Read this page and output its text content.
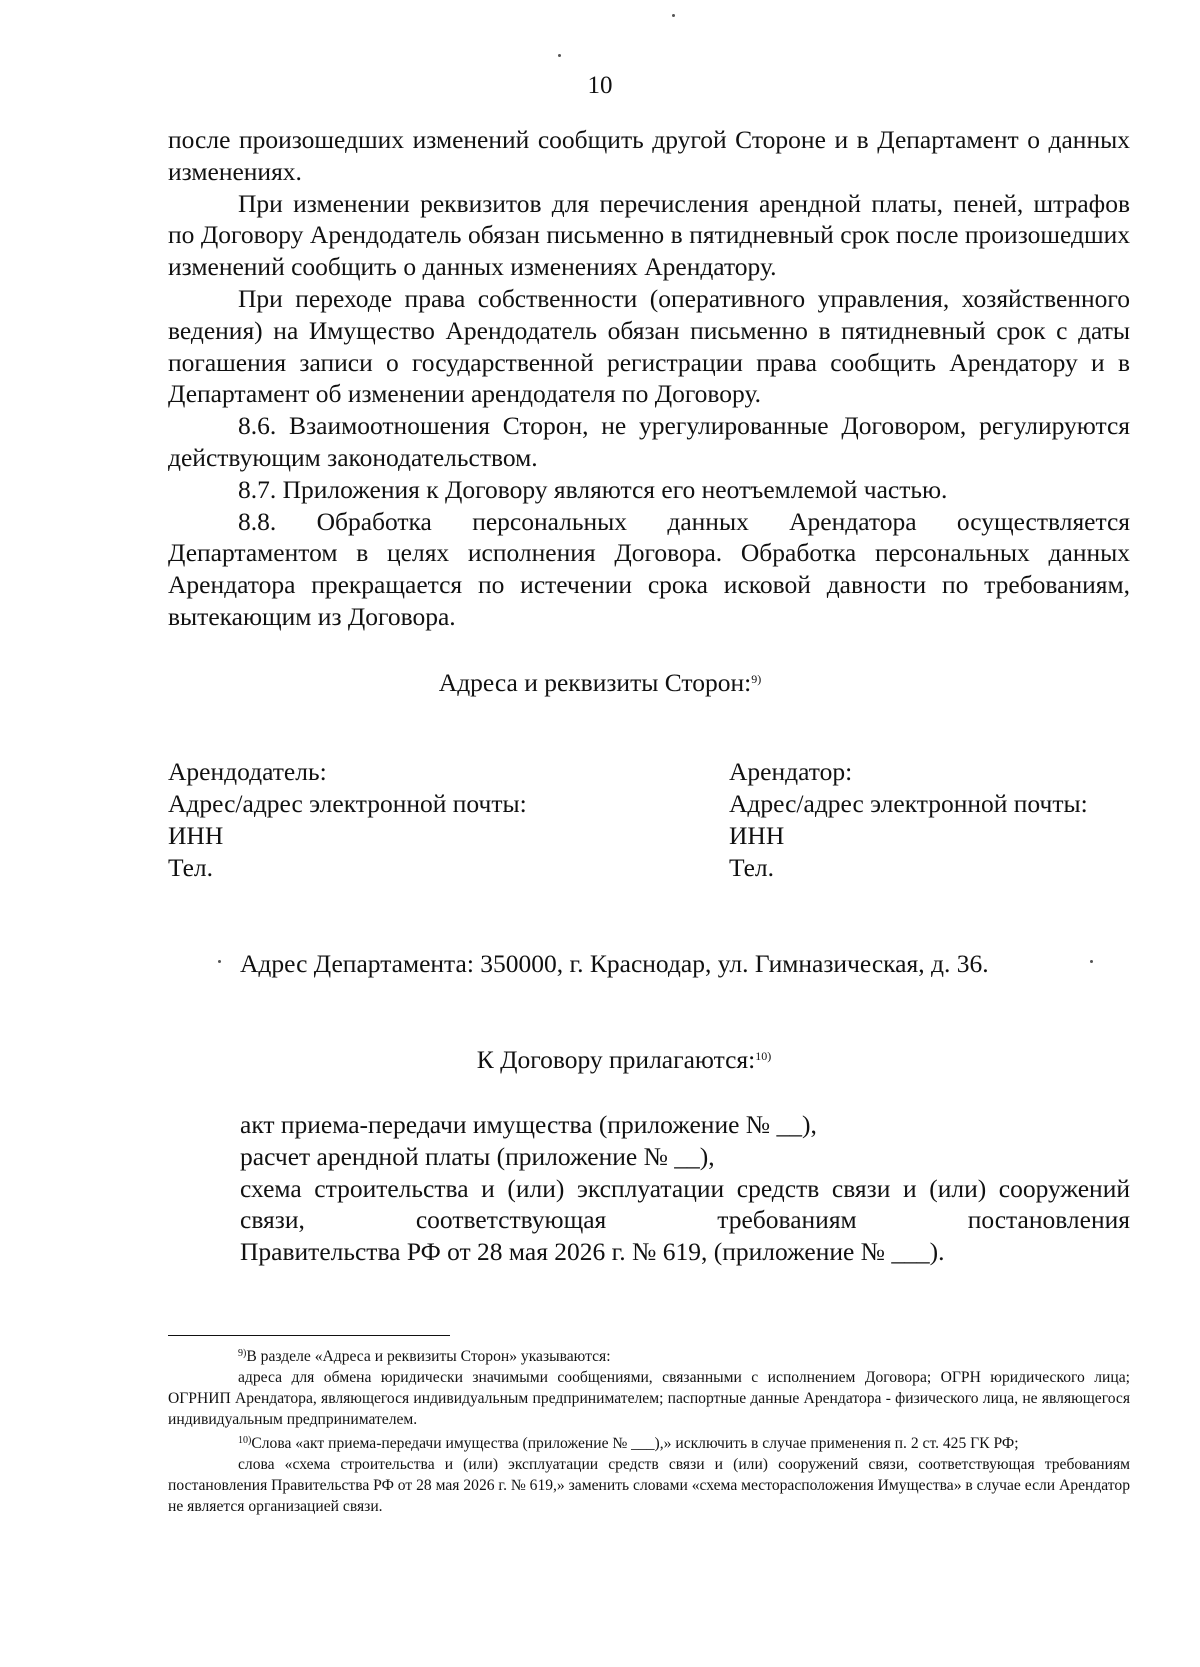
10

после произошедших изменений сообщить другой Стороне и в Департамент о данных изменениях.

При изменении реквизитов для перечисления арендной платы, пеней, штрафов по Договору Арендодатель обязан письменно в пятидневный срок после произошедших изменений сообщить о данных изменениях Арендатору.

При переходе права собственности (оперативного управления, хозяйственного ведения) на Имущество Арендодатель обязан письменно в пятидневный срок с даты погашения записи о государственной регистрации права сообщить Арендатору и в Департамент об изменении арендодателя по Договору.

8.6. Взаимоотношения Сторон, не урегулированные Договором, регулируются действующим законодательством.

8.7. Приложения к Договору являются его неотъемлемой частью.

8.8. Обработка персональных данных Арендатора осуществляется Департаментом в целях исполнения Договора. Обработка персональных данных Арендатора прекращается по истечении срока исковой давности по требованиям, вытекающим из Договора.

Адреса и реквизиты Сторон:$^{9)}$
Арендодатель:
Адрес/адрес электронной почты:
ИНН
Тел.
Арендатор:
Адрес/адрес электронной почты:
ИНН
Тел.
Адрес Департамента: 350000, г. Краснодар, ул. Гимназическая, д. 36.
К Договору прилагаются:$^{10)}$
акт приема-передачи имущества (приложение № __),
расчет арендной платы (приложение № __),
схема строительства и (или) эксплуатации средств связи и (или) сооружений связи, соответствующая требованиям постановления
Правительства РФ от 28 мая 2026 г. № 619, (приложение № ___).

$^{9)}$В разделе «Адреса и реквизиты Сторон» указываются:

адреса для обмена юридически значимыми сообщениями, связанными с исполнением Договора; ОГРН юридического лица; ОГРНИП Арендатора, являющегося индивидуальным предпринимателем; паспортные данные Арендатора - физического лица, не являющегося индивидуальным предпринимателем.

$^{10)}$Слова «акт приема-передачи имущества (приложение № ___),» исключить в случае применения п. 2 ст. 425 ГК РФ;

слова «схема строительства и (или) эксплуатации средств связи и (или) сооружений связи, соответствующая требованиям постановления Правительства РФ от 28 мая 2026 г. № 619,» заменить словами «схема месторасположения Имущества» в случае если Арендатор не является организацией связи.
